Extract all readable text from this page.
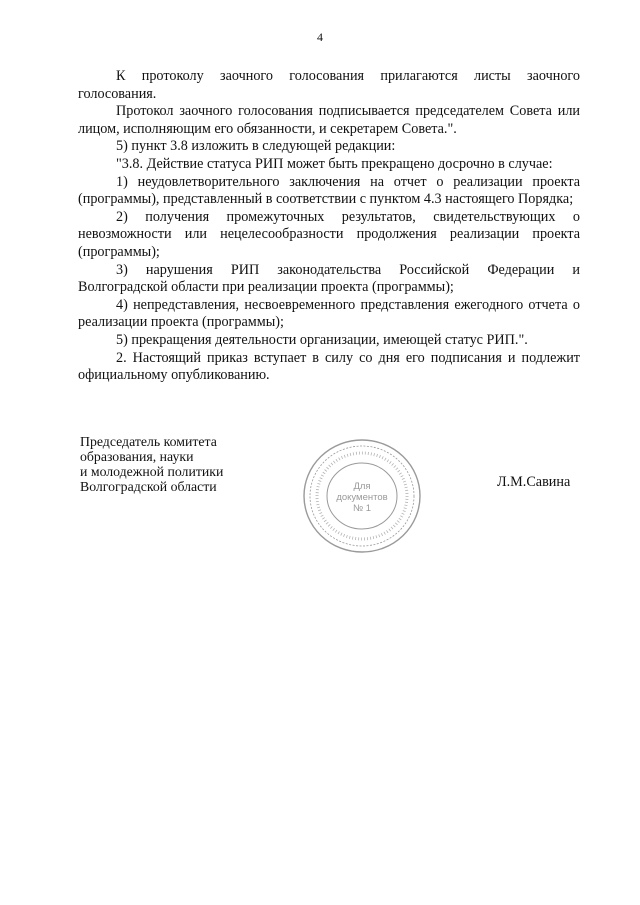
4

К протоколу заочного голосования прилагаются листы заочного голосования.

Протокол заочного голосования подписывается председателем Совета или лицом, исполняющим его обязанности, и секретарем Совета.".

5) пункт 3.8 изложить в следующей редакции:

"3.8. Действие статуса РИП может быть прекращено досрочно в случае:

1) неудовлетворительного заключения на отчет о реализации проекта (программы), представленный в соответствии с пунктом 4.3 настоящего Порядка;

2) получения промежуточных результатов, свидетельствующих о невозможности или нецелесообразности продолжения реализации проекта (программы);

3) нарушения РИП законодательства Российской Федерации и Волгоградской области при реализации проекта (программы);

4) непредставления, несвоевременного представления ежегодного отчета о реализации проекта (программы);

5) прекращения деятельности организации, имеющей статус РИП.".

2. Настоящий приказ вступает в силу со дня его подписания и подлежит официальному опубликованию.

Председатель комитета
образования, науки
и молодежной политики
Волгоградской области	Для
документов
№ 1
Л.М.Савина
